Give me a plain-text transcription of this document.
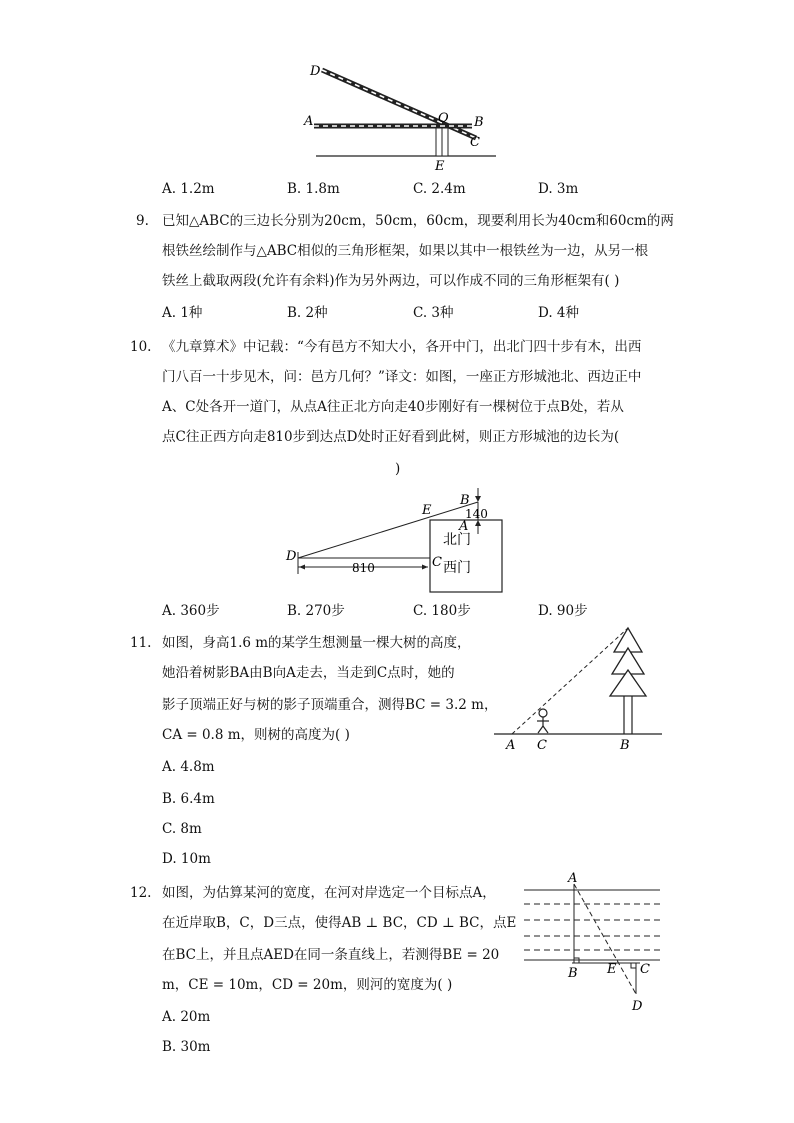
D
A	O B
C
E
A. 1.2m	B. 1.8m	C. 2.4m	D. 3m
9. 已知△ABC的三边长分别为20cm，50cm，60cm，现要利用长为40cm和60cm的两
根铁丝绘制作与△ABC相似的三角形框架，如果以其中一根铁丝为一边，从另一根
铁丝上截取两段(允许有余料)作为另外两边，可以作成不同的三角形框架有( )
A. 1种	B. 2种	C. 3种	D. 4种
10. 《九章算术》中记载：“今有邑方不知大小，各开中门，出北门四十步有木，出西
门八百一十步见木，问：邑方几何？”译文：如图，一座正方形城池北、西边正中
A、C处各开一道门，从点A往正北方向走40步刚好有一棵树位于点B处，若从
点C往正西方向走810步到达点D处时正好看到此树，则正方形城池的边长为(
)
E
B
A
D	C
140
810
北门
西门
A. 360步	B. 270步	C. 180步	D. 90步
11. 如图，身高1.6 m的某学生想测量一棵大树的高度，
她沿着树影BA由B向A走去，当走到C点时，她的
影子顶端正好与树的影子顶端重合，测得BC = 3.2 m，
CA = 0.8 m，则树的高度为( )
A C	B
A. 4.8m
B. 6.4m
C. 8m
D. 10m
12. 如图，为估算某河的宽度，在河对岸选定一个目标点A，
在近岸取B，C，D三点，使得AB ⊥ BC，CD ⊥ BC，点E
在BC上，并且点AED在同一条直线上，若测得BE = 20
m，CE = 10m，CD = 20m，则河的宽度为( )
A
B E C
D
A. 20m
B. 30m
